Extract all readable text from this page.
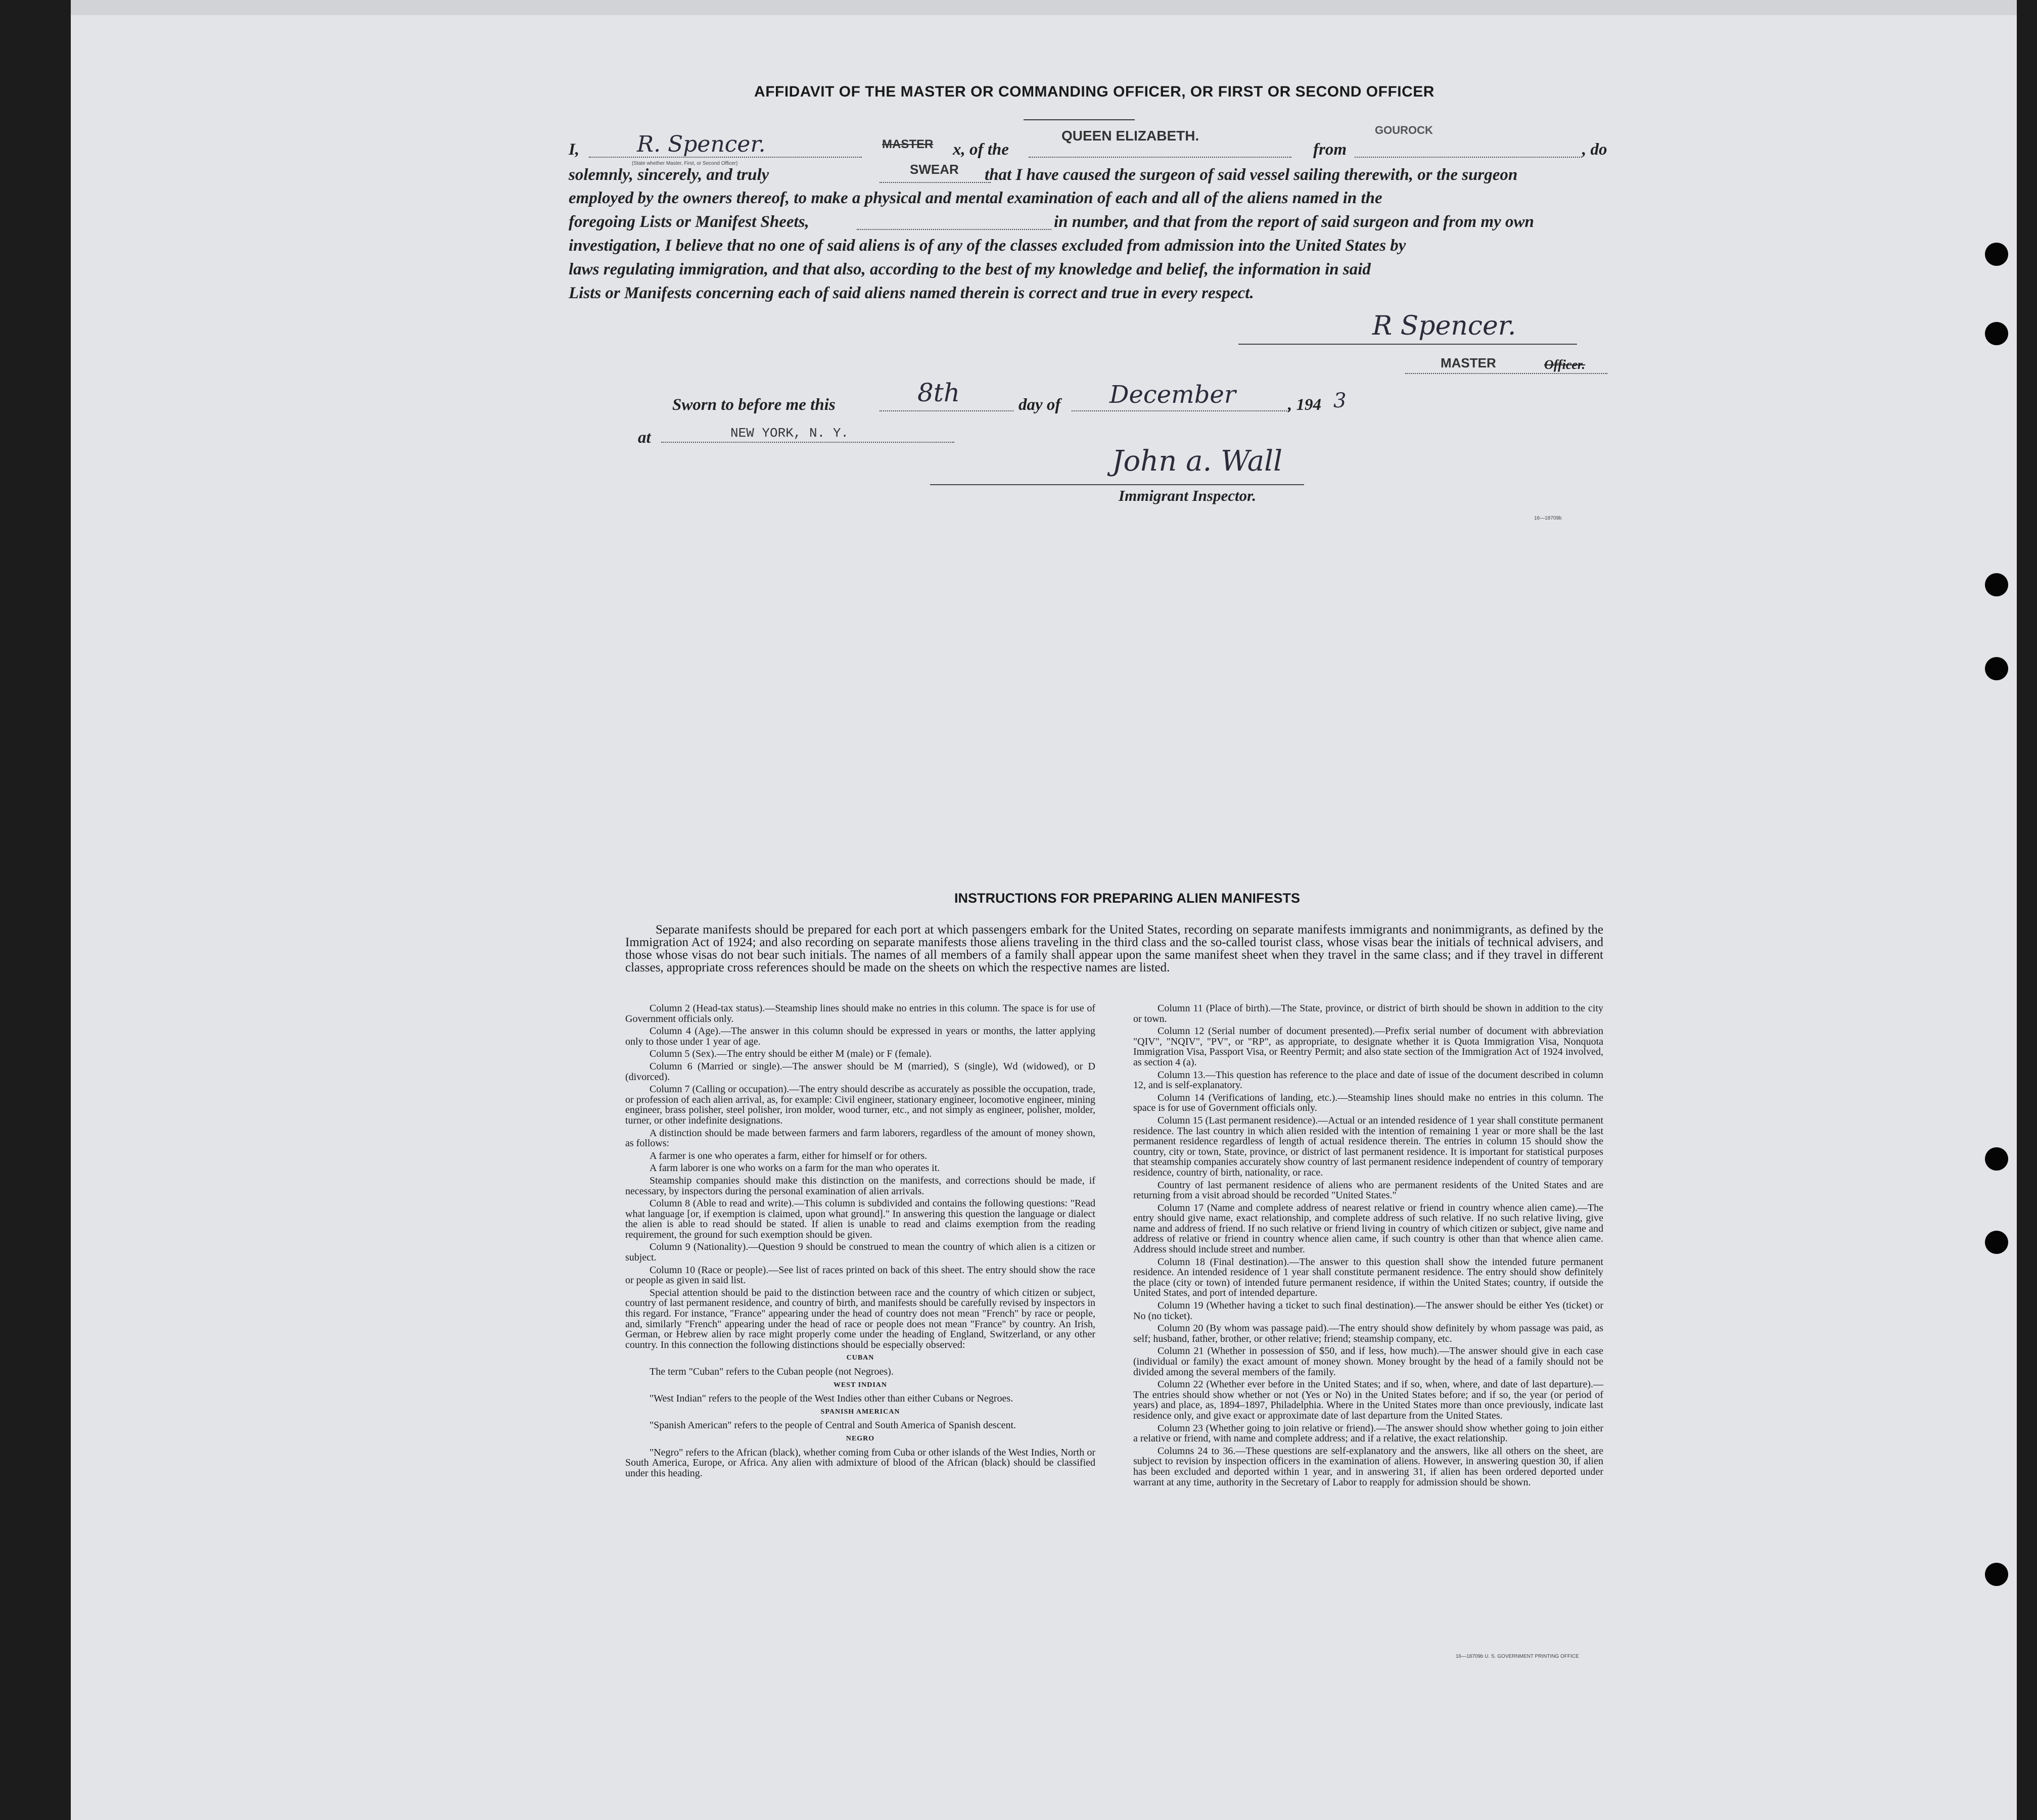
AFFIDAVIT OF THE MASTER OR COMMANDING OFFICER, OR FIRST OR SECOND OFFICER
I,	R. Spencer.	MASTER x, of the
QUEEN ELIZABETH.
from
GOUROCK
, do
(State whether Master, First, or Second Officer)
solemnly, sincerely, and truly	SWEAR that I have caused the surgeon of said vessel sailing therewith, or the surgeon
employed by the owners thereof, to make a physical and mental examination of each and all of the aliens named in the
foregoing Lists or Manifest Sheets,	in number, and that from the report of said surgeon and from my own
investigation, I believe that no one of said aliens is of any of the classes excluded from admission into the United States by
laws regulating immigration, and that also, according to the best of my knowledge and belief, the information in said
Lists or Manifests concerning each of said aliens named therein is correct and true in every respect.
R Spencer.
MASTER	Officer.
Sworn to before me this	8th	day of December	, 194 3
at	NEW YORK, N. Y.
John a. Wall
Immigrant Inspector.
16—18709b
INSTRUCTIONS FOR PREPARING ALIEN MANIFESTS
Separate manifests should be prepared for each port at which passengers embark for the United States, recording on separate manifests immigrants and nonimmigrants, as defined by the Immigration Act of 1924; and also recording on separate manifests those aliens traveling in the third class and the so-called tourist class, whose visas bear the initials of technical advisers, and those whose visas do not bear such initials. The names of all members of a family shall appear upon the same manifest sheet when they travel in the same class; and if they travel in different classes, appropriate cross references should be made on the sheets on which the respective names are listed.

Column 2 (Head-tax status).—Steamship lines should make no entries in this column. The space is for use of Government officials only.

Column 4 (Age).—The answer in this column should be expressed in years or months, the latter applying only to those under 1 year of age.

Column 5 (Sex).—The entry should be either M (male) or F (female).

Column 6 (Married or single).—The answer should be M (married), S (single), Wd (widowed), or D (divorced).

Column 7 (Calling or occupation).—The entry should describe as accurately as possible the occupation, trade, or profession of each alien arrival, as, for example: Civil engineer, stationary engineer, locomotive engineer, mining engineer, brass polisher, steel polisher, iron molder, wood turner, etc., and not simply as engineer, polisher, molder, turner, or other indefinite designations.

A distinction should be made between farmers and farm laborers, regardless of the amount of money shown, as follows:

A farmer is one who operates a farm, either for himself or for others.

A farm laborer is one who works on a farm for the man who operates it.

Steamship companies should make this distinction on the manifests, and corrections should be made, if necessary, by inspectors during the personal examination of alien arrivals.

Column 8 (Able to read and write).—This column is subdivided and contains the following questions: "Read what language [or, if exemption is claimed, upon what ground]." In answering this question the language or dialect the alien is able to read should be stated. If alien is unable to read and claims exemption from the reading requirement, the ground for such exemption should be given.

Column 9 (Nationality).—Question 9 should be construed to mean the country of which alien is a citizen or subject.

Column 10 (Race or people).—See list of races printed on back of this sheet. The entry should show the race or people as given in said list.

Special attention should be paid to the distinction between race and the country of which citizen or subject, country of last permanent residence, and country of birth, and manifests should be carefully revised by inspectors in this regard. For instance, "France" appearing under the head of country does not mean "French" by race or people, and, similarly "French" appearing under the head of race or people does not mean "France" by country. An Irish, German, or Hebrew alien by race might properly come under the heading of England, Switzerland, or any other country. In this connection the following distinctions should be especially observed:

CUBAN

The term "Cuban" refers to the Cuban people (not Negroes).

WEST INDIAN

"West Indian" refers to the people of the West Indies other than either Cubans or Negroes.

SPANISH AMERICAN

"Spanish American" refers to the people of Central and South America of Spanish descent.

NEGRO

"Negro" refers to the African (black), whether coming from Cuba or other islands of the West Indies, North or South America, Europe, or Africa. Any alien with admixture of blood of the African (black) should be classified under this heading.

Column 11 (Place of birth).—The State, province, or district of birth should be shown in addition to the city or town.

Column 12 (Serial number of document presented).—Prefix serial number of document with abbreviation "QIV", "NQIV", "PV", or "RP", as appropriate, to designate whether it is Quota Immigration Visa, Nonquota Immigration Visa, Passport Visa, or Reentry Permit; and also state section of the Immigration Act of 1924 involved, as section 4 (a).

Column 13.—This question has reference to the place and date of issue of the document described in column 12, and is self-explanatory.

Column 14 (Verifications of landing, etc.).—Steamship lines should make no entries in this column. The space is for use of Government officials only.

Column 15 (Last permanent residence).—Actual or an intended residence of 1 year shall constitute permanent residence. The last country in which alien resided with the intention of remaining 1 year or more shall be the last permanent residence regardless of length of actual residence therein. The entries in column 15 should show the country, city or town, State, province, or district of last permanent residence. It is important for statistical purposes that steamship companies accurately show country of last permanent residence independent of country of temporary residence, country of birth, nationality, or race.

Country of last permanent residence of aliens who are permanent residents of the United States and are returning from a visit abroad should be recorded "United States."

Column 17 (Name and complete address of nearest relative or friend in country whence alien came).—The entry should give name, exact relationship, and complete address of such relative. If no such relative living, give name and address of friend. If no such relative or friend living in country of which citizen or subject, give name and address of relative or friend in country whence alien came, if such country is other than that whence alien came. Address should include street and number.

Column 18 (Final destination).—The answer to this question shall show the intended future permanent residence. An intended residence of 1 year shall constitute permanent residence. The entry should show definitely the place (city or town) of intended future permanent residence, if within the United States; country, if outside the United States, and port of intended departure.

Column 19 (Whether having a ticket to such final destination).—The answer should be either Yes (ticket) or No (no ticket).

Column 20 (By whom was passage paid).—The entry should show definitely by whom passage was paid, as self; husband, father, brother, or other relative; friend; steamship company, etc.

Column 21 (Whether in possession of $50, and if less, how much).—The answer should give in each case (individual or family) the exact amount of money shown. Money brought by the head of a family should not be divided among the several members of the family.

Column 22 (Whether ever before in the United States; and if so, when, where, and date of last departure).—The entries should show whether or not (Yes or No) in the United States before; and if so, the year (or period of years) and place, as, 1894–1897, Philadelphia. Where in the United States more than once previously, indicate last residence only, and give exact or approximate date of last departure from the United States.

Column 23 (Whether going to join relative or friend).—The answer should show whether going to join either a relative or friend, with name and complete address; and if a relative, the exact relationship.

Columns 24 to 36.—These questions are self-explanatory and the answers, like all others on the sheet, are subject to revision by inspection officers in the examination of aliens. However, in answering question 30, if alien has been excluded and deported within 1 year, and in answering 31, if alien has been ordered deported under warrant at any time, authority in the Secretary of Labor to reapply for admission should be shown.

16—18709b U. S. GOVERNMENT PRINTING OFFICE
